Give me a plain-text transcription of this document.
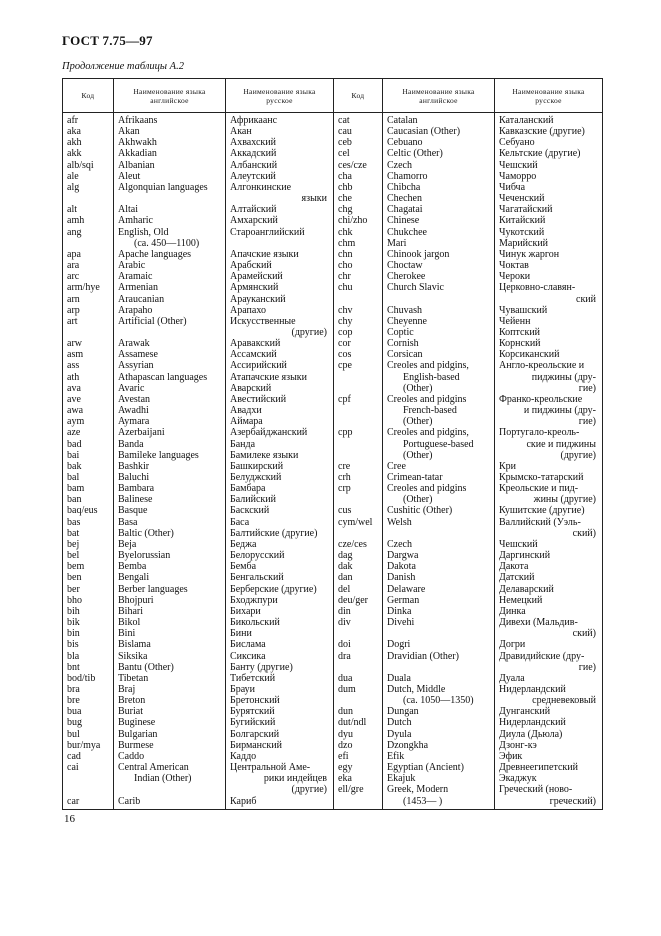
ГОСТ 7.75—97
Продолжение таблицы А.2
Код	Наименование языка английское	Наименование языка русское	Код	Наименование языка английское	Наименование языка русское
afr	Afrikaans	Африкаанс	cat	Catalan	Каталанский
aka	Akan	Акан	cau	Caucasian (Other)	Кавказские (другие)
akh	Akhwakh	Ахвахский	ceb	Cebuano	Себуано
akk	Akkadian	Аккадский	cel	Celtic (Other)	Кельтские (другие)
alb/sqi	Albanian	Албанский	ces/cze	Czech	Чешский
ale	Aleut	Алеутский	cha	Chamorro	Чаморро
alg	Algonquian languages	Алгонкинские	chb	Chibcha	Чибча
		языки	che	Chechen	Чеченский
alt	Altai	Алтайский	chg	Chagatai	Чагатайский
amh	Amharic	Амхарский	chi/zho	Chinese	Китайский
ang	English, Old	Староанглийский	chk	Chukchee	Чукотский
	(ca. 450—1100)		chm	Mari	Марийский
apa	Apache languages	Апачские языки	chn	Chinook jargon	Чинук жаргон
ara	Arabic	Арабский	cho	Choctaw	Чоктав
arc	Aramaic	Арамейский	chr	Cherokee	Чероки
arm/hye	Armenian	Армянский	chu	Church Slavic	Церковно-славян-
arn	Araucanian	Арауканский			ский
arp	Arapaho	Арапахо	chv	Chuvash	Чувашский
art	Artificial (Other)	Искусственные	chy	Cheyenne	Чейенн
		(другие)	cop	Coptic	Коптский
arw	Arawak	Аравакский	cor	Cornish	Корнский
asm	Assamese	Ассамский	cos	Corsican	Корсиканский
ass	Assyrian	Ассирийский	cpe	Creoles and pidgins,	Англо-креольские и
ath	Athapascan languages	Атапачские языки		English-based	пиджины (дру-
ava	Avaric	Аварский		(Other)	гие)
ave	Avestan	Авестийский	cpf	Creoles and pidgins	Франко-креольские
awa	Awadhi	Авадхи		French-based	и пиджины (дру-
aym	Aymara	Аймара		(Other)	гие)
aze	Azerbaijani	Азербайджанский	cpp	Creoles and pidgins,	Португало-креоль-
bad	Banda	Банда		Portuguese-based	ские и пиджины
bai	Bamileke languages	Бамилеке языки		(Other)	(другие)
bak	Bashkir	Башкирский	cre	Cree	Кри
bal	Baluchi	Белуджский	crh	Crimean-tatar	Крымско-татарский
bam	Bambara	Бамбара	crp	Creoles and pidgins	Креольские и пид-
ban	Balinese	Балийский		(Other)	жины (другие)
baq/eus	Basque	Баскский	cus	Cushitic (Other)	Кушитские (другие)
bas	Basa	Баса	cym/wel	Welsh	Валлийский (Уэль-
bat	Baltic (Other)	Балтийские (другие)			ский)
bej	Beja	Беджа	cze/ces	Czech	Чешский
bel	Byelorussian	Белорусский	dag	Dargwa	Даргинский
bem	Bemba	Бемба	dak	Dakota	Дакота
ben	Bengali	Бенгальский	dan	Danish	Датский
ber	Berber languages	Берберские (другие)	del	Delaware	Делаварский
bho	Bhojpuri	Бходжпури	deu/ger	German	Немецкий
bih	Bihari	Бихари	din	Dinka	Динка
bik	Bikol	Бикольский	div	Divehi	Дивехи (Мальдив-
bin	Bini	Бини			ский)
bis	Bislama	Бислама	doi	Dogri	Догри
bla	Siksika	Сиксика	dra	Dravidian (Other)	Дравидийские (дру-
bnt	Bantu (Other)	Банту (другие)			гие)
bod/tib	Tibetan	Тибетский	dua	Duala	Дуала
bra	Braj	Брауи	dum	Dutch, Middle	Нидерландский
bre	Breton	Бретонский		(ca. 1050—1350)	средневековый
bua	Buriat	Бурятский	dun	Dungan	Дунганский
bug	Buginese	Бугийский	dut/ndl	Dutch	Нидерландский
bul	Bulgarian	Болгарский	dyu	Dyula	Диула (Дьюла)
bur/mya	Burmese	Бирманский	dzo	Dzongkha	Дзонг-кэ
cad	Caddo	Каддо	efi	Efik	Эфик
cai	Central American	Центральной Аме-	egy	Egyptian (Ancient)	Древнеегипетский
	Indian (Other)	рики индейцев	eka	Ekajuk	Экаджук
		(другие)	ell/gre	Greek, Modern	Греческий (ново-
car	Carib	Кариб		(1453— )	греческий)
16
